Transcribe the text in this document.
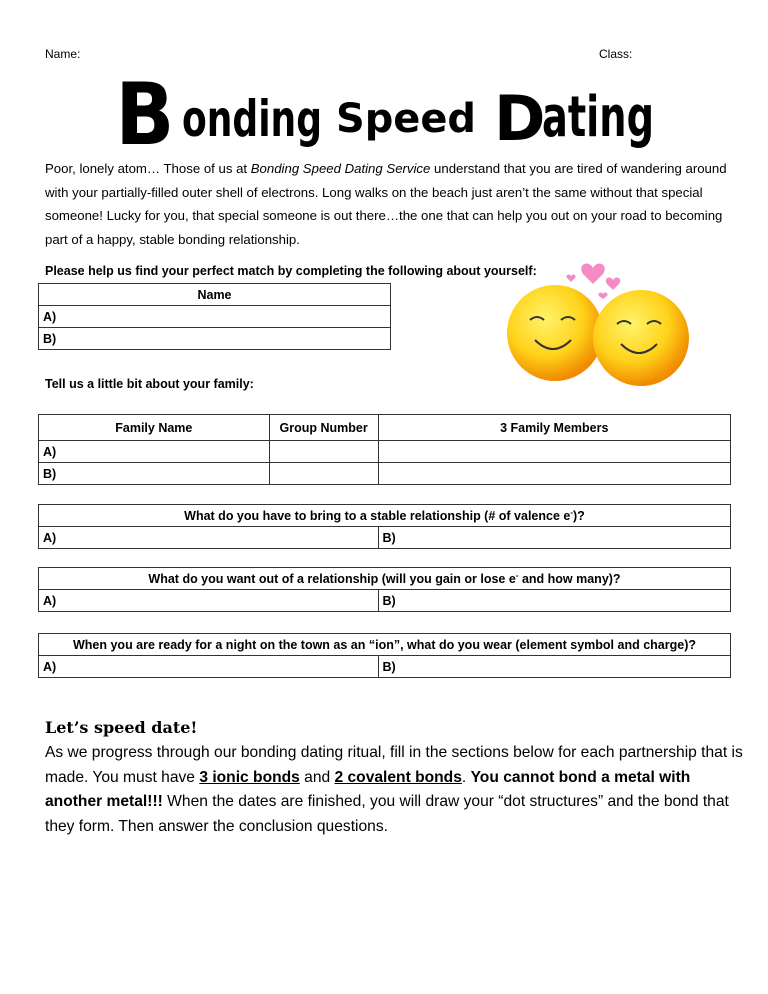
Name:	Class:
B onding Speed D
ating
Poor, lonely atom… Those of us at Bonding Speed Dating Service understand that you are tired of wandering around with your partially-filled outer shell of electrons. Long walks on the beach just aren’t the same without that special someone! Lucky for you, that special someone is out there…the one that can help you out on your road to becoming part of a happy, stable bonding relationship.
Please help us find your perfect match by completing the following about yourself:
Name
A)
B)
Tell us a little bit about your family:
Family Name	Group Number	3 Family Members
A)		
B)		
What do you have to bring to a stable relationship (# of valence e-)?
A)	B)
What do you want out of a relationship (will you gain or lose e- and how many)?
A)	B)
When you are ready for a night on the town as an “ion”, what do you wear (element symbol and charge)?
A)	B)
Let’s speed date!
As we progress through our bonding dating ritual, fill in the sections below for each partnership that is made. You must have 3 ionic bonds and 2 covalent bonds. You cannot bond a metal with another metal!!! When the dates are finished, you will draw your “dot structures” and the bond that they form. Then answer the conclusion questions.
